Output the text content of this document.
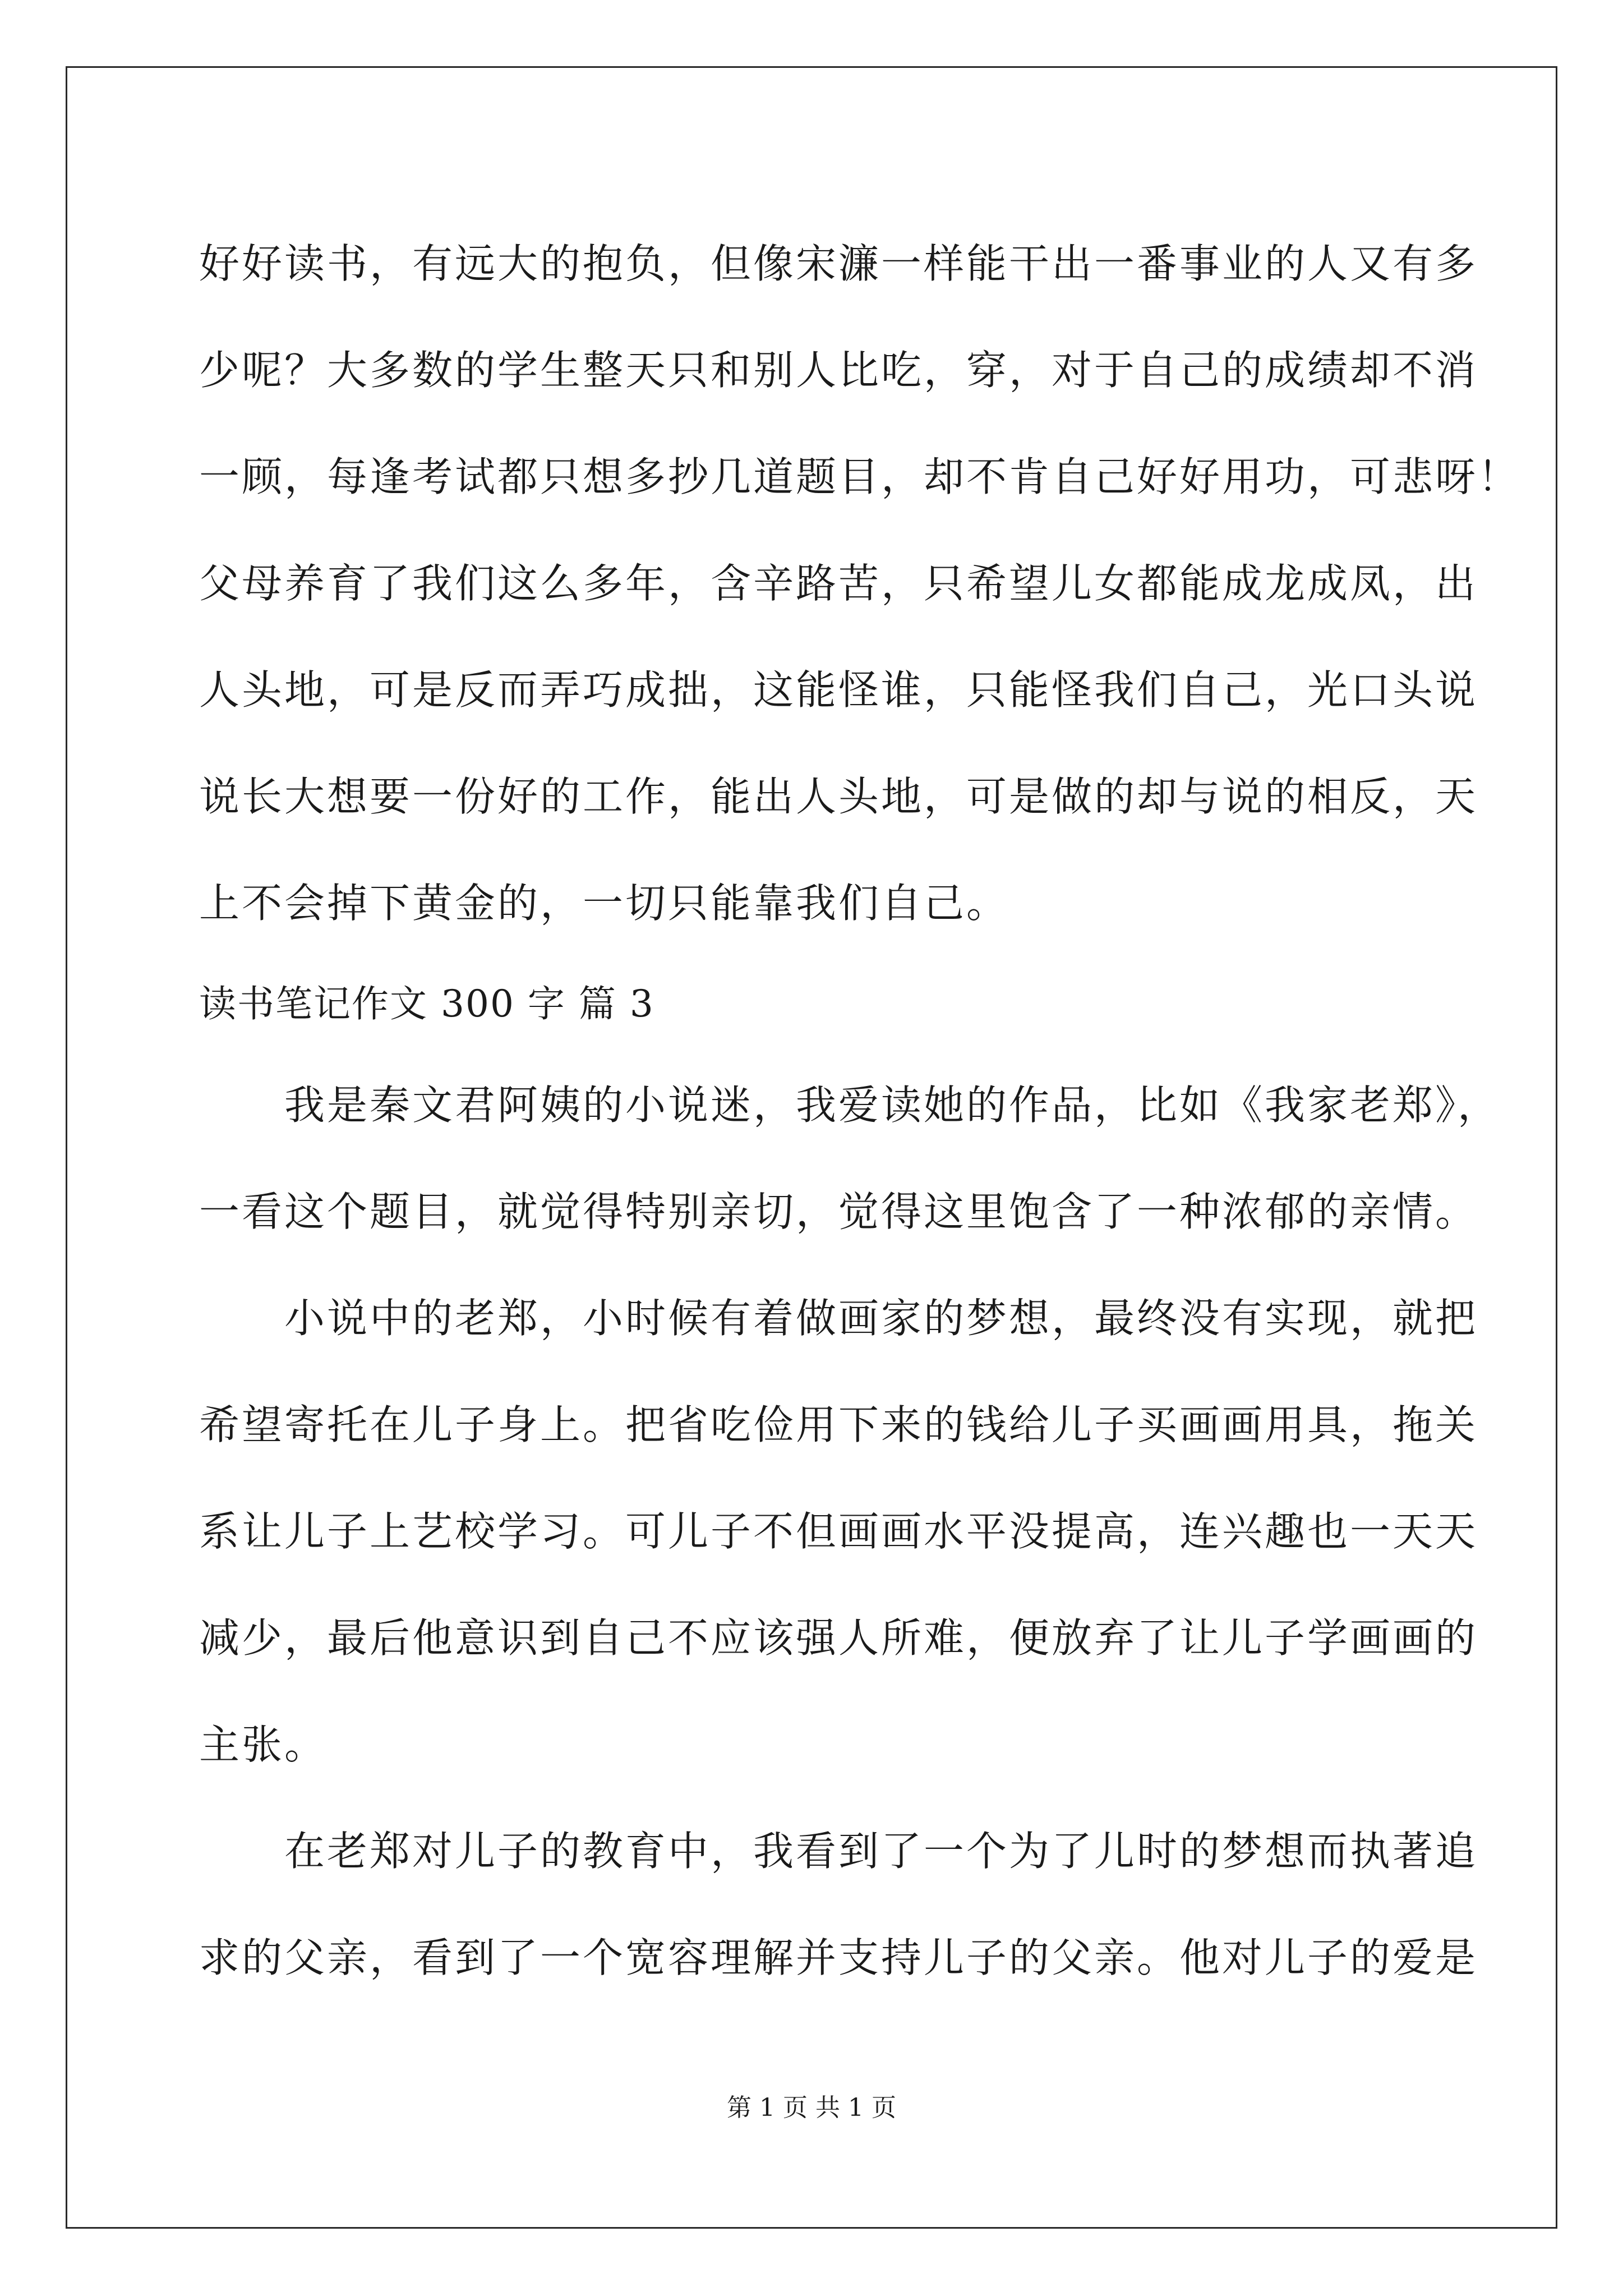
好好读书，有远大的抱负，但像宋濂一样能干出一番事业的人又有多
少呢？大多数的学生整天只和别人比吃，穿，对于自己的成绩却不消
一顾，每逢考试都只想多抄几道题目，却不肯自己好好用功，可悲呀！
父母养育了我们这么多年，含辛路苦，只希望儿女都能成龙成凤，出
人头地，可是反而弄巧成拙，这能怪谁，只能怪我们自己，光口头说
说长大想要一份好的工作，能出人头地，可是做的却与说的相反，天
上不会掉下黄金的，一切只能靠我们自己。
读书笔记作文 300 字 篇 3
我是秦文君阿姨的小说迷，我爱读她的作品，比如《我家老郑》，
一看这个题目，就觉得特别亲切，觉得这里饱含了一种浓郁的亲情。
小说中的老郑，小时候有着做画家的梦想，最终没有实现，就把
希望寄托在儿子身上。把省吃俭用下来的钱给儿子买画画用具，拖关
系让儿子上艺校学习。可儿子不但画画水平没提高，连兴趣也一天天
减少，最后他意识到自己不应该强人所难，便放弃了让儿子学画画的
主张。
在老郑对儿子的教育中，我看到了一个为了儿时的梦想而执著追
求的父亲，看到了一个宽容理解并支持儿子的父亲。他对儿子的爱是
第 1 页 共 1 页
